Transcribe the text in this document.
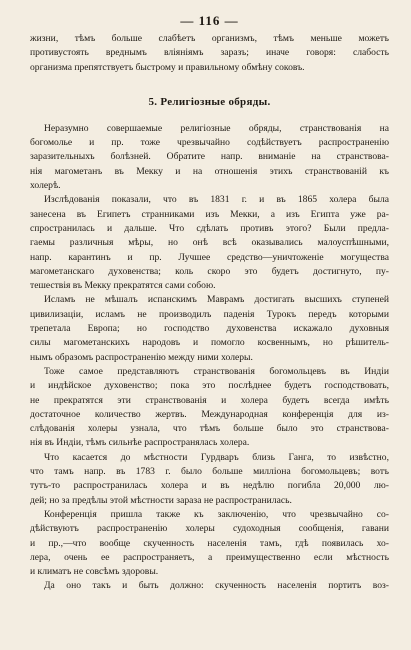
— 116 —
жизни, тѣмъ больше слабѣетъ организмъ, тѣмъ меньше можетъ
противустоять вреднымъ вліяніямъ заразъ; иначе говоря: слабость
организма препятствуетъ быстрому и правильному обмѣну соковъ.
5. Религіозные обряды.
Неразумно совершаемые религіозные обряды, странствованія на
богомолье и пр. тоже чрезвычайно содѣйствуетъ распространенію
заразительныхъ болѣзней. Обратите напр. вниманіе на странствова-
нія магометанъ въ Мекку и на отношенія этихъ странствованій къ
холерѣ.
Изслѣдованія показали, что въ 1831 г. и въ 1865 холера была
занесена въ Египетъ странниками изъ Мекки, а изъ Египта уже ра-
спространилась и дальше. Что сдѣлать противъ этого? Были предла-
гаемы различныя мѣры, но онѣ всѣ оказывались малоуспѣшными,
напр. карантинъ и пр. Лучшее средство—уничтоженіе могущества
магометанскаго духовенства; коль скоро это будетъ достигнуто, пу-
тешествія въ Мекку прекратятся сами собою.
Исламъ не мѣшалъ испанскимъ Маврамъ достигать высшихъ ступеней
цивилизаціи, исламъ не производилъ паденія Турокъ передъ которыми
трепетала Европа; но господство духовенства искажало духовныя
силы магометанскихъ народовъ и помогло косвеннымъ, но рѣшитель-
нымъ образомъ распространенію между ними холеры.
Тоже самое представляютъ странствованія богомольцевъ въ Индіи
и индѣйское духовенство; пока это послѣднее будетъ господствовать,
не прекратятся эти странствованія и холера будетъ всегда имѣть
достаточное количество жертвъ. Международная конференція для из-
слѣдованія холеры узнала, что тѣмъ больше было это странствова-
нія въ Индіи, тѣмъ сильнѣе распространялась холера.
Что касается до мѣстности Гурдваръ близь Ганга, то извѣстно,
что тамъ напр. въ 1783 г. было больше милліона богомольцевъ; вотъ
тутъ-то распространилась холера и въ недѣлю погибла 20,000 лю-
дей; но за предѣлы этой мѣстности зараза не распространилась.
Конференція пришла также къ заключенію, что чрезвычайно со-
дѣйствуютъ распространенію холеры судоходныя сообщенія, гавани
и пр.,—что вообще скученность населенія тамъ, гдѣ появилась хо-
лера, очень ее распространяетъ, а преимущественно если мѣстность
и климатъ не совсѣмъ здоровы.
Да оно такъ и быть должно: скученность населенія портитъ воз-
